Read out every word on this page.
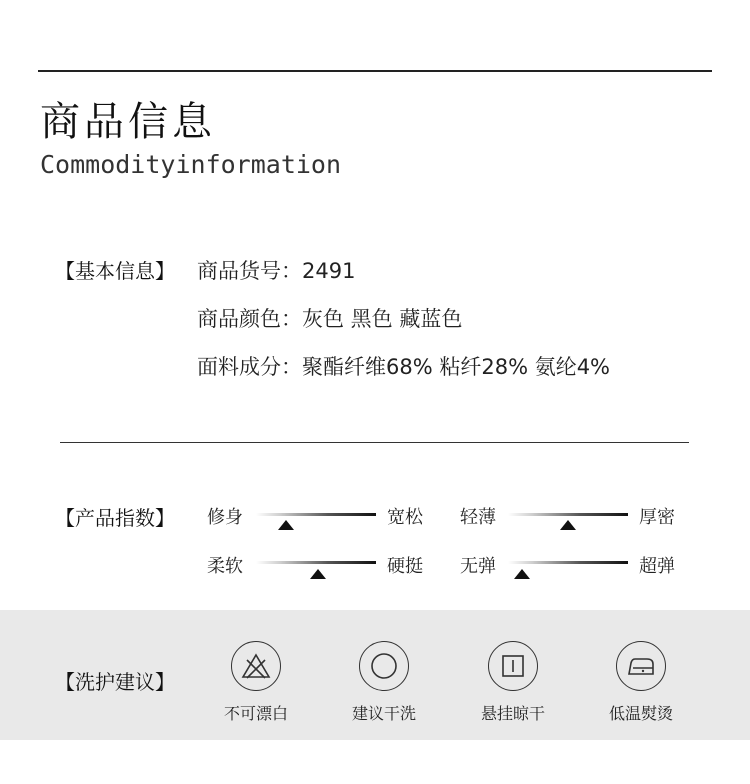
商品信息
Commodityinformation
【基本信息】 商品货号：2491
商品颜色：灰色 黑色 藏蓝色
面料成分：聚酯纤维68% 粘纤28% 氨纶4%
【产品指数】 修身	宽松 轻薄	厚密
柔软	硬挺 无弹	超弹
【洗护建议】
不可漂白	建议干洗	悬挂晾干	低温熨烫
